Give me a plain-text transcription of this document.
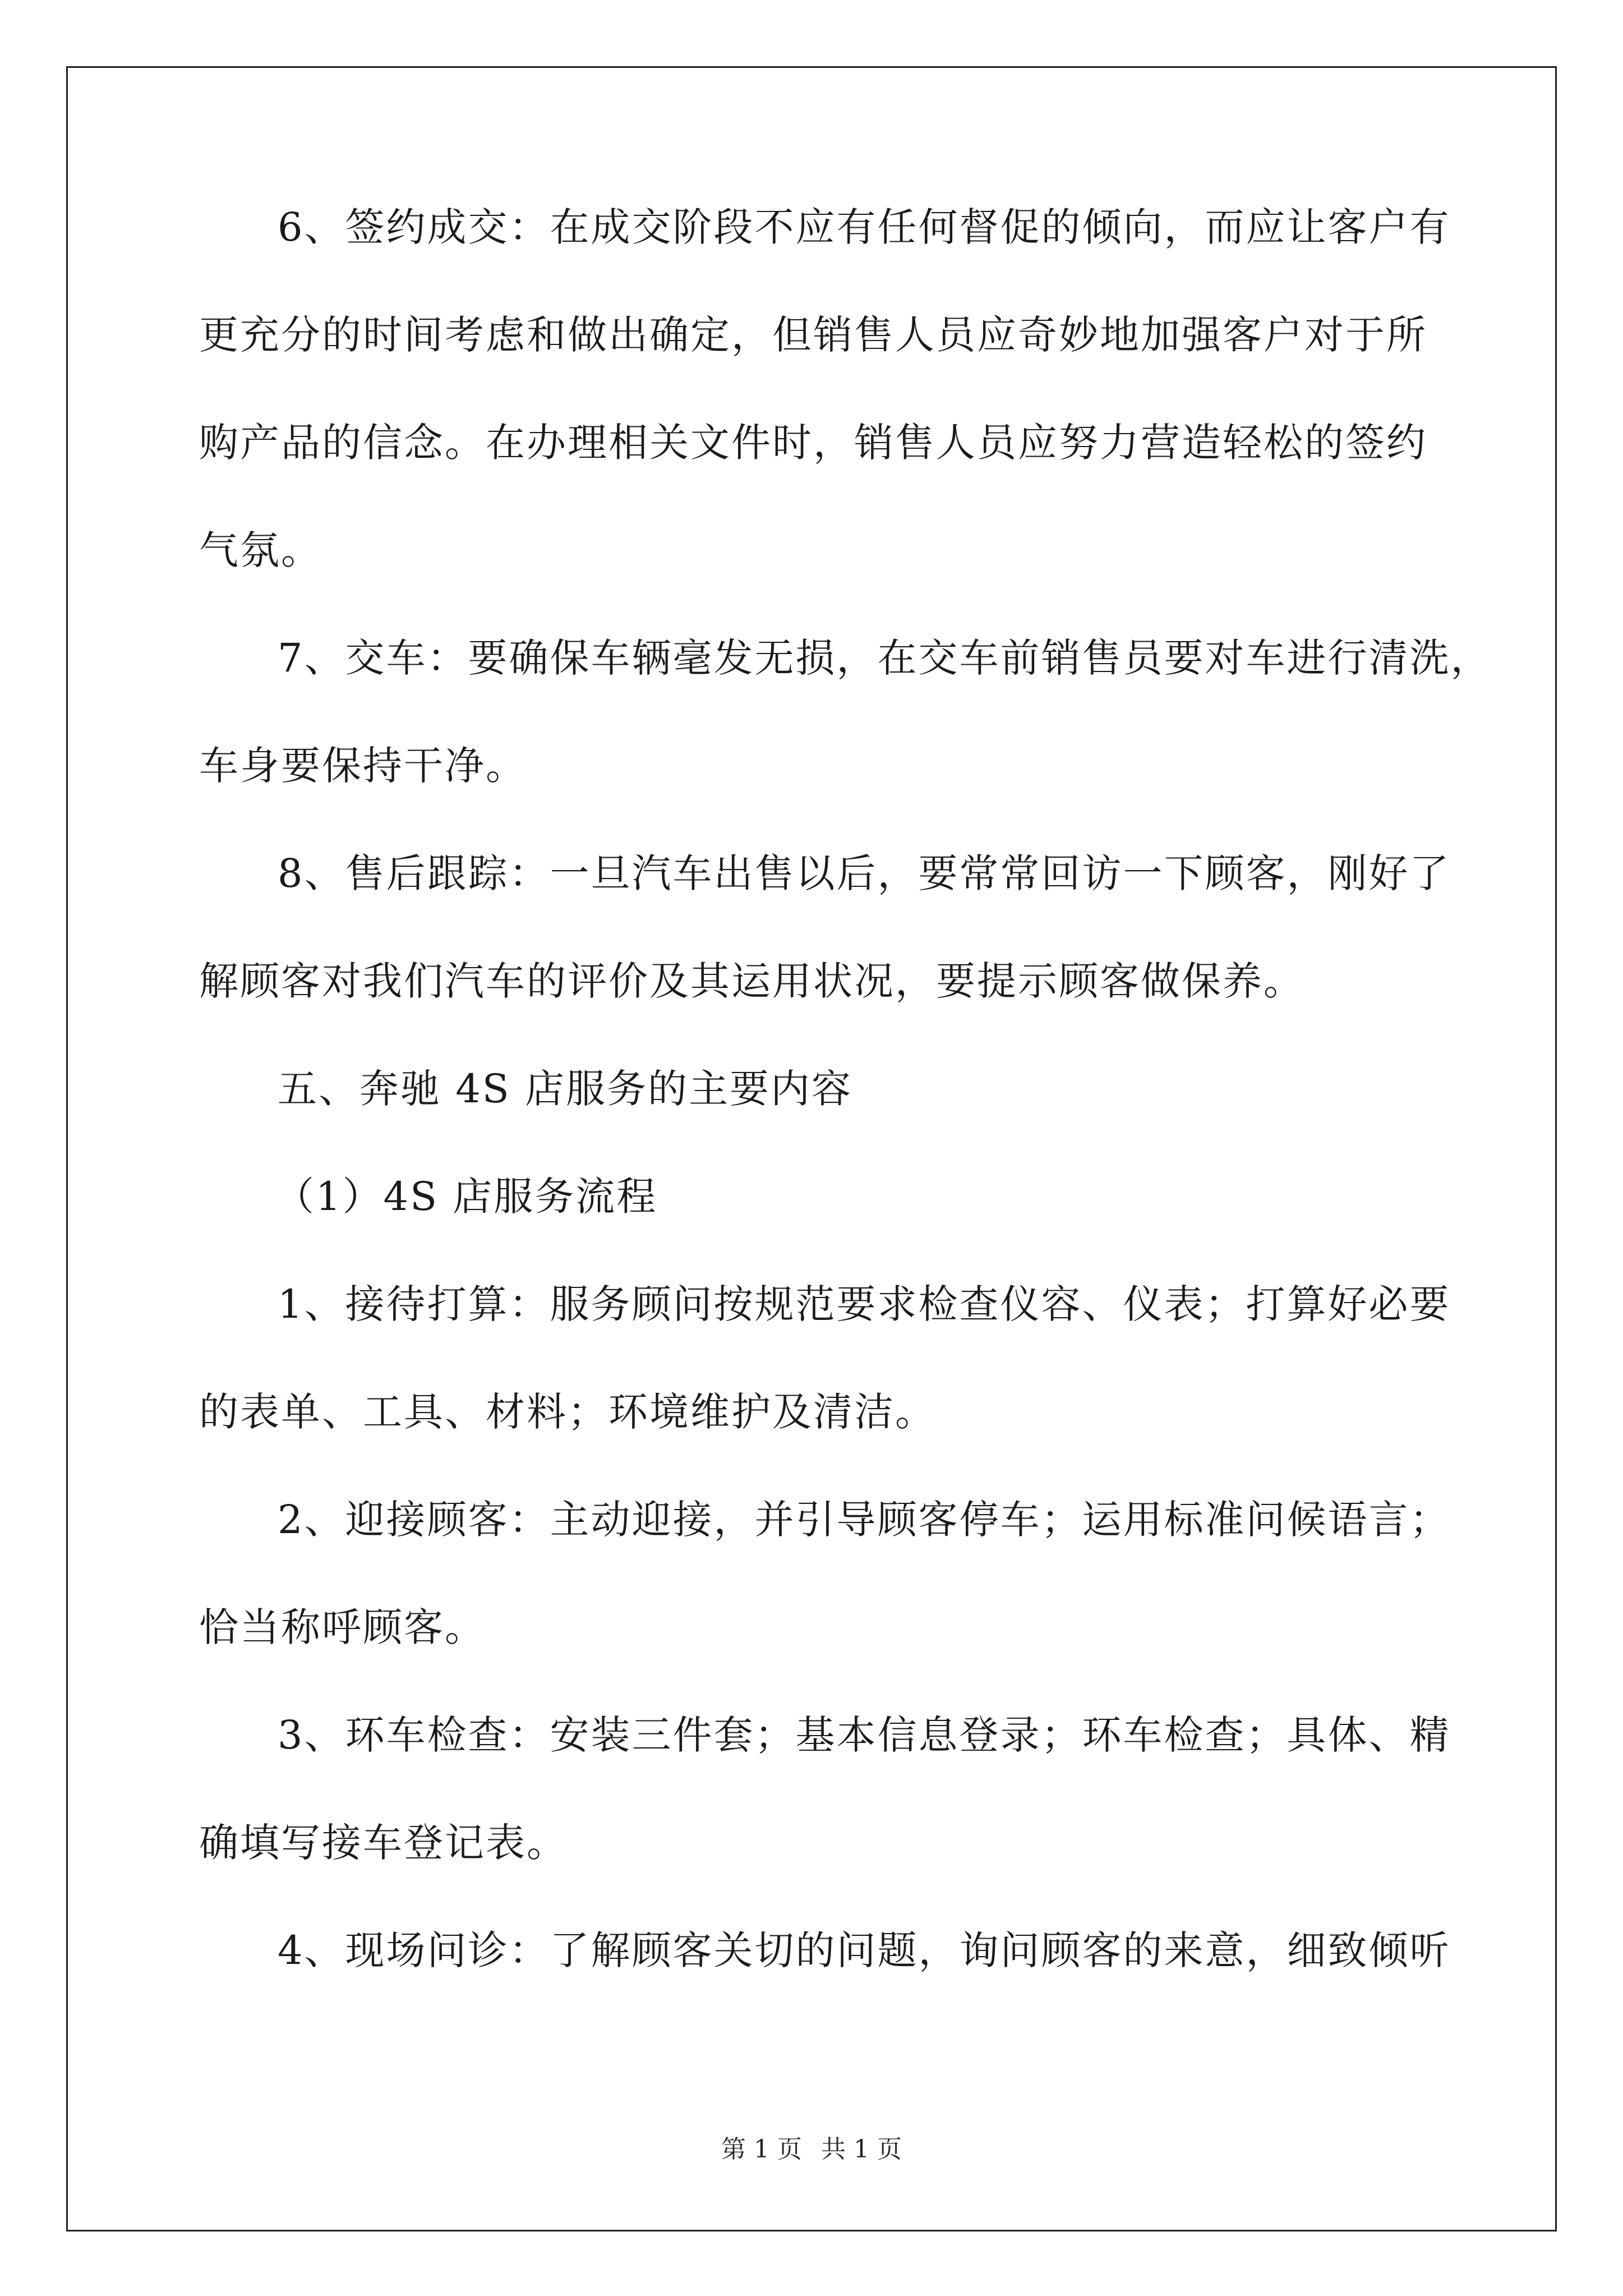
6、签约成交：在成交阶段不应有任何督促的倾向，而应让客户有
更充分的时间考虑和做出确定，但销售人员应奇妙地加强客户对于所
购产品的信念。在办理相关文件时，销售人员应努力营造轻松的签约
气氛。
7、交车：要确保车辆毫发无损，在交车前销售员要对车进行清洗，
车身要保持干净。
8、售后跟踪：一旦汽车出售以后，要常常回访一下顾客，刚好了
解顾客对我们汽车的评价及其运用状况，要提示顾客做保养。
五、奔驰 4S 店服务的主要内容
（1）4S 店服务流程
1、接待打算：服务顾问按规范要求检查仪容、仪表；打算好必要
的表单、工具、材料；环境维护及清洁。
2、迎接顾客：主动迎接，并引导顾客停车；运用标准问候语言；
恰当称呼顾客。
3、环车检查：安装三件套；基本信息登录；环车检查；具体、精
确填写接车登记表。
4、现场问诊：了解顾客关切的问题，询问顾客的来意，细致倾听
第 1 页 共 1 页
